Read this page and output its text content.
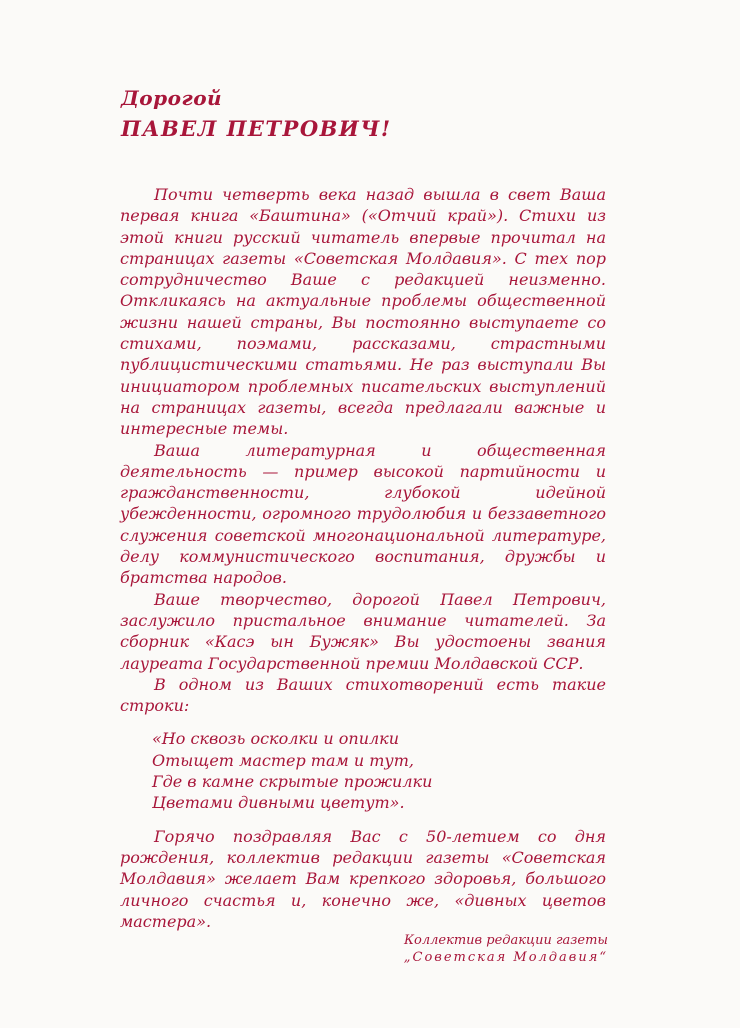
Дорогой
ПАВЕЛ ПЕТРОВИЧ!

Почти четверть века назад вышла в свет Ваша первая книга «Баштина» («Отчий край»). Стихи из этой книги русский читатель впервые прочитал на страницах газеты «Советская Молдавия». С тех пор сотрудничество Ваше с редакцией неизменно. Откликаясь на актуальные проблемы общественной жизни нашей страны, Вы постоянно выступаете со стихами, поэмами, рассказами, страстными публицистическими статьями. Не раз выступали Вы инициатором проблемных писательских выступлений на страницах газеты, всегда предлагали важные и интересные темы.

Ваша литературная и общественная деятельность — пример высокой партийности и гражданственности, глубокой идейной убежденности, огромного трудолюбия и беззаветного служения советской многонациональной литературе, делу коммунистического воспитания, дружбы и братства народов.

Ваше творчество, дорогой Павел Петрович, заслужило пристальное внимание читателей. За сборник «Касэ ын Бужяк» Вы удостоены звания лауреата Государственной премии Молдавской ССР.

В одном из Ваших стихотворений есть такие строки:

«Но сквозь осколки и опилки
Отыщет мастер там и тут,
Где в камне скрытые прожилки
Цветами дивными цветут».

Горячо поздравляя Вас с 50-летием со дня рождения, коллектив редакции газеты «Советская Молдавия» желает Вам крепкого здоровья, большого личного счастья и, конечно же, «дивных цветов мастера».

Коллектив редакции газеты
„Советская Молдавия“
